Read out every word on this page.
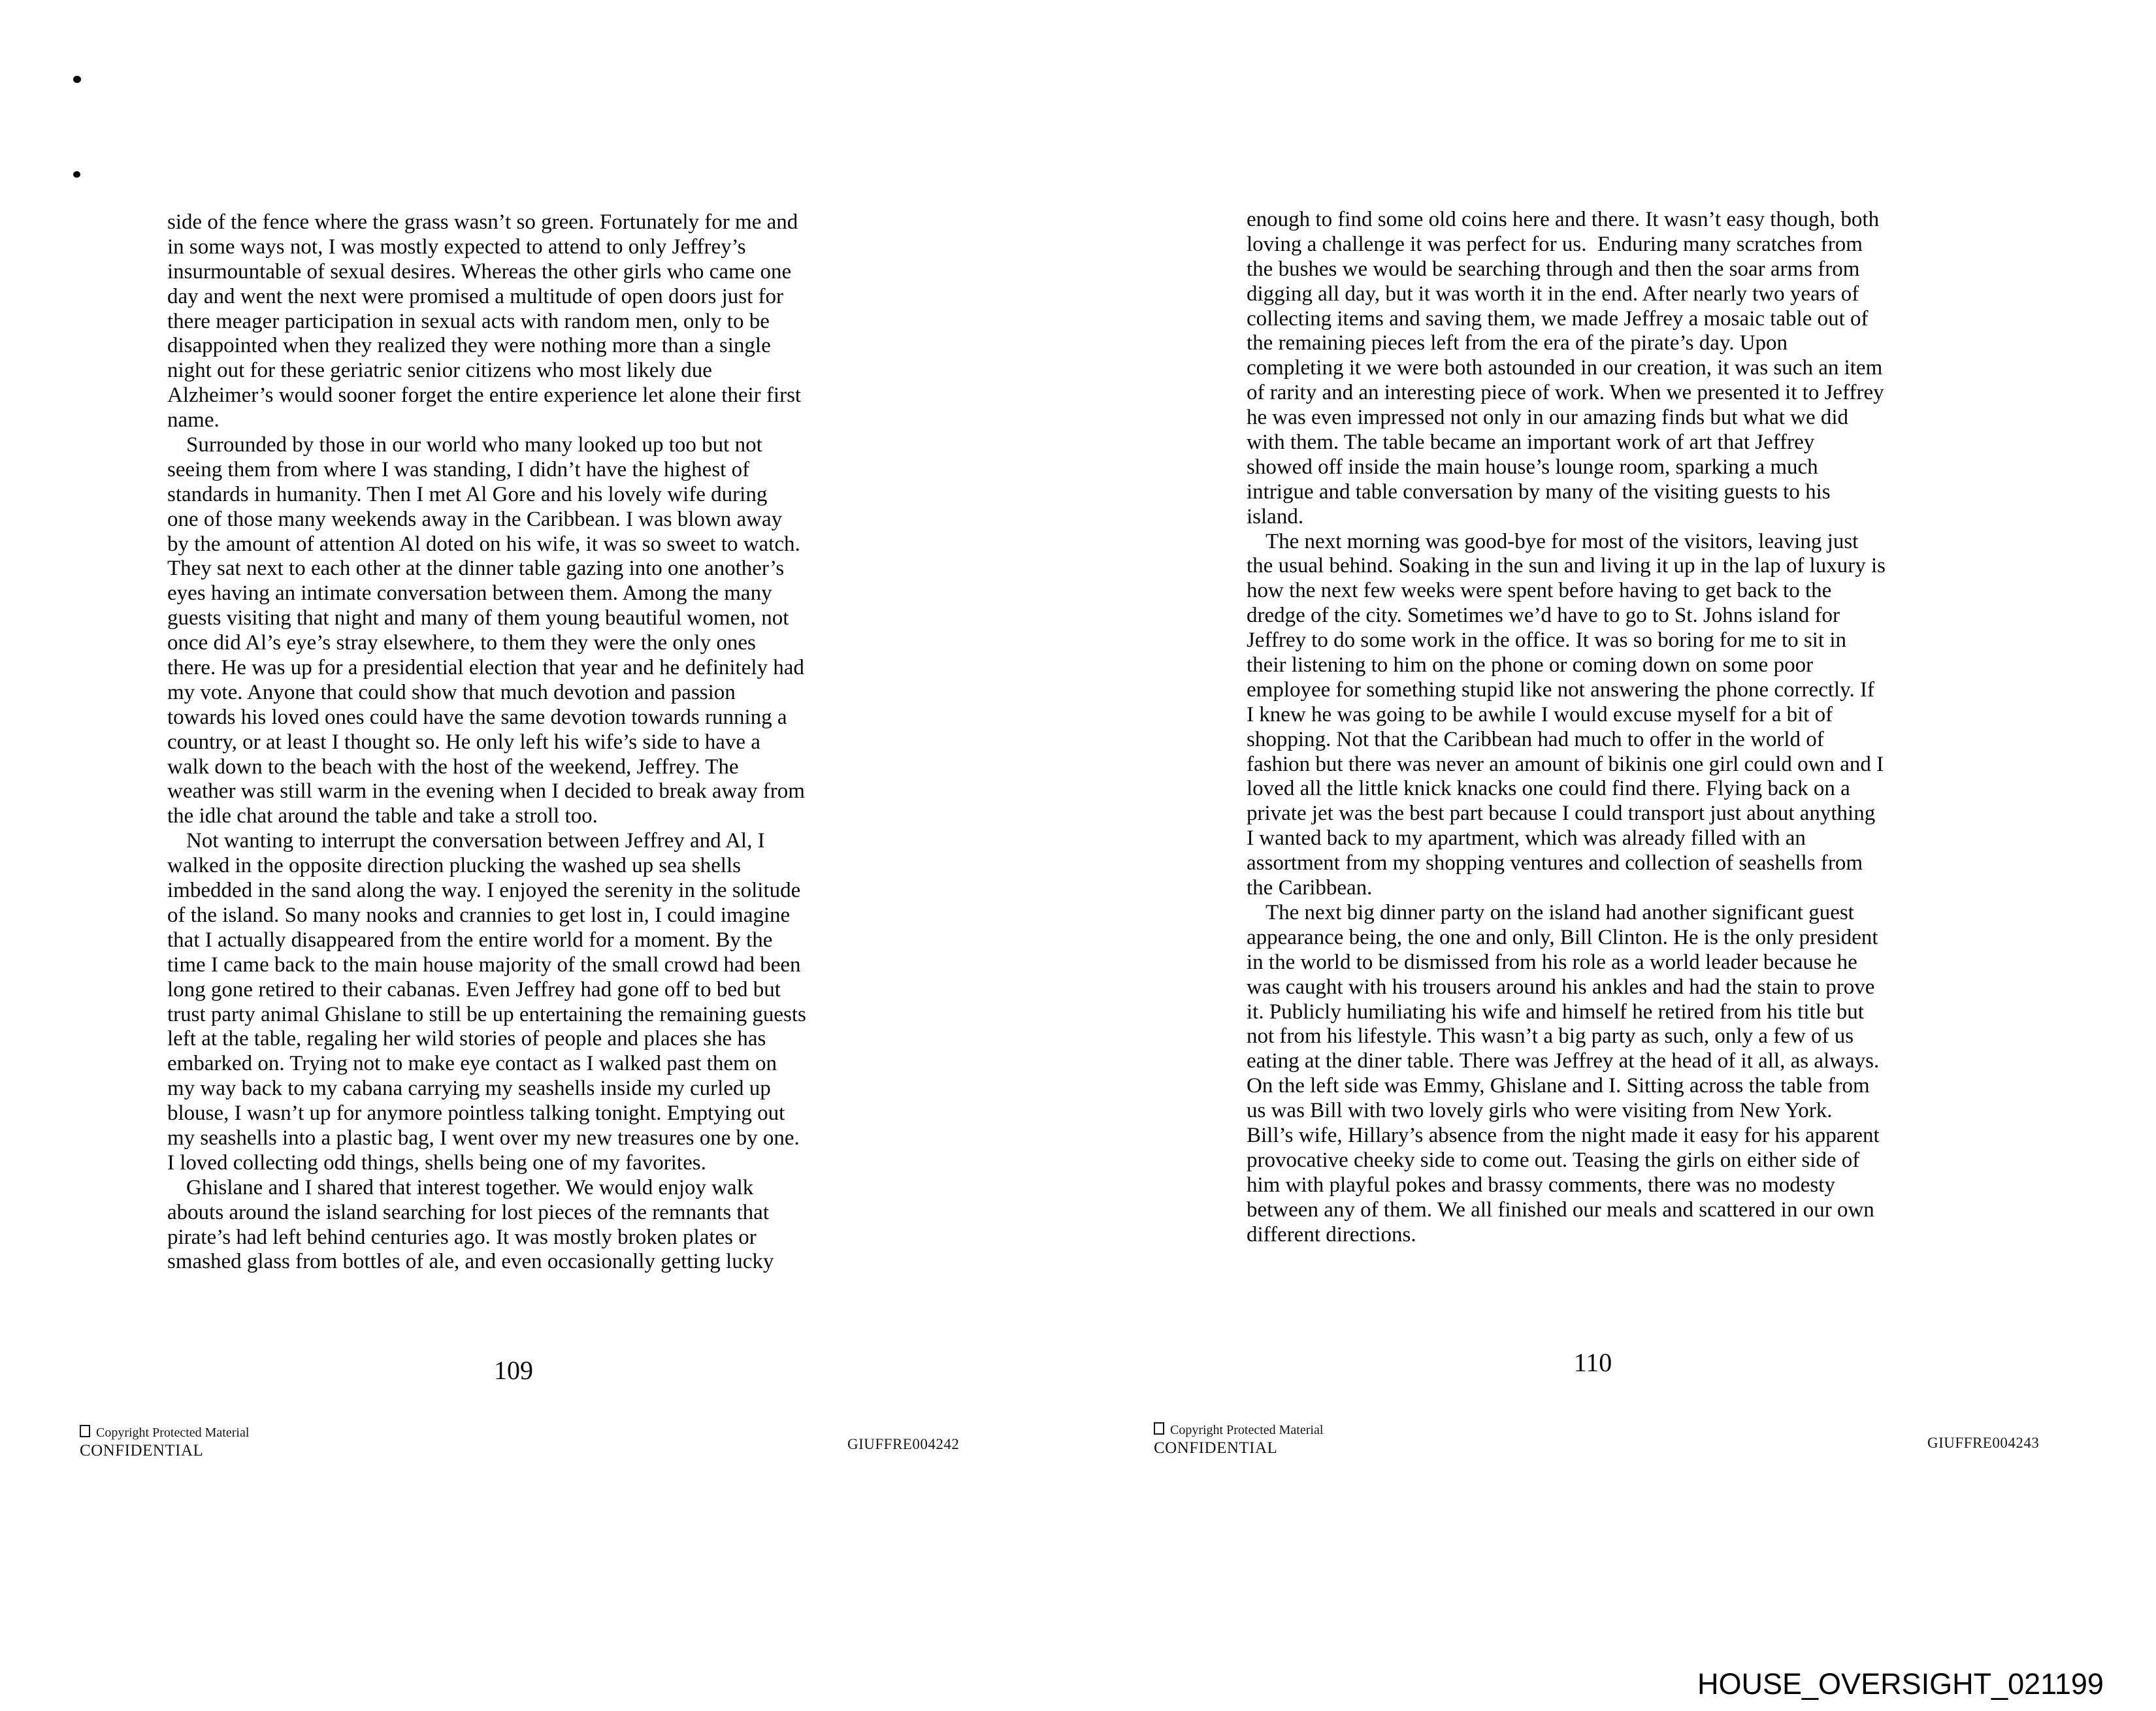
side of the fence where the grass wasn’t so green. Fortunately for me and
in some ways not, I was mostly expected to attend to only Jeffrey’s
insurmountable of sexual desires. Whereas the other girls who came one
day and went the next were promised a multitude of open doors just for
there meager participation in sexual acts with random men, only to be
disappointed when they realized they were nothing more than a single
night out for these geriatric senior citizens who most likely due
Alzheimer’s would sooner forget the entire experience let alone their first
name.

Surrounded by those in our world who many looked up too but not
seeing them from where I was standing, I didn’t have the highest of
standards in humanity. Then I met Al Gore and his lovely wife during
one of those many weekends away in the Caribbean. I was blown away
by the amount of attention Al doted on his wife, it was so sweet to watch.
They sat next to each other at the dinner table gazing into one another’s
eyes having an intimate conversation between them. Among the many
guests visiting that night and many of them young beautiful women, not
once did Al’s eye’s stray elsewhere, to them they were the only ones
there. He was up for a presidential election that year and he definitely had
my vote. Anyone that could show that much devotion and passion
towards his loved ones could have the same devotion towards running a
country, or at least I thought so. He only left his wife’s side to have a
walk down to the beach with the host of the weekend, Jeffrey. The
weather was still warm in the evening when I decided to break away from
the idle chat around the table and take a stroll too.

Not wanting to interrupt the conversation between Jeffrey and Al, I
walked in the opposite direction plucking the washed up sea shells
imbedded in the sand along the way. I enjoyed the serenity in the solitude
of the island. So many nooks and crannies to get lost in, I could imagine
that I actually disappeared from the entire world for a moment. By the
time I came back to the main house majority of the small crowd had been
long gone retired to their cabanas. Even Jeffrey had gone off to bed but
trust party animal Ghislane to still be up entertaining the remaining guests
left at the table, regaling her wild stories of people and places she has
embarked on. Trying not to make eye contact as I walked past them on
my way back to my cabana carrying my seashells inside my curled up
blouse, I wasn’t up for anymore pointless talking tonight. Emptying out
my seashells into a plastic bag, I went over my new treasures one by one.
I loved collecting odd things, shells being one of my favorites.

Ghislane and I shared that interest together. We would enjoy walk
abouts around the island searching for lost pieces of the remnants that
pirate’s had left behind centuries ago. It was mostly broken plates or
smashed glass from bottles of ale, and even occasionally getting lucky

enough to find some old coins here and there. It wasn’t easy though, both
loving a challenge it was perfect for us.  Enduring many scratches from
the bushes we would be searching through and then the soar arms from
digging all day, but it was worth it in the end. After nearly two years of
collecting items and saving them, we made Jeffrey a mosaic table out of
the remaining pieces left from the era of the pirate’s day. Upon
completing it we were both astounded in our creation, it was such an item
of rarity and an interesting piece of work. When we presented it to Jeffrey
he was even impressed not only in our amazing finds but what we did
with them. The table became an important work of art that Jeffrey
showed off inside the main house’s lounge room, sparking a much
intrigue and table conversation by many of the visiting guests to his
island.

The next morning was good-bye for most of the visitors, leaving just
the usual behind. Soaking in the sun and living it up in the lap of luxury is
how the next few weeks were spent before having to get back to the
dredge of the city. Sometimes we’d have to go to St. Johns island for
Jeffrey to do some work in the office. It was so boring for me to sit in
their listening to him on the phone or coming down on some poor
employee for something stupid like not answering the phone correctly. If
I knew he was going to be awhile I would excuse myself for a bit of
shopping. Not that the Caribbean had much to offer in the world of
fashion but there was never an amount of bikinis one girl could own and I
loved all the little knick knacks one could find there. Flying back on a
private jet was the best part because I could transport just about anything
I wanted back to my apartment, which was already filled with an
assortment from my shopping ventures and collection of seashells from
the Caribbean.

The next big dinner party on the island had another significant guest
appearance being, the one and only, Bill Clinton. He is the only president
in the world to be dismissed from his role as a world leader because he
was caught with his trousers around his ankles and had the stain to prove
it. Publicly humiliating his wife and himself he retired from his title but
not from his lifestyle. This wasn’t a big party as such, only a few of us
eating at the diner table. There was Jeffrey at the head of it all, as always.
On the left side was Emmy, Ghislane and I. Sitting across the table from
us was Bill with two lovely girls who were visiting from New York.
Bill’s wife, Hillary’s absence from the night made it easy for his apparent
provocative cheeky side to come out. Teasing the girls on either side of
him with playful pokes and brassy comments, there was no modesty
between any of them. We all finished our meals and scattered in our own
different directions.

109	110
Copyright Protected Material
CONFIDENTIAL
Copyright Protected Material
CONFIDENTIAL
GIUFFRE004242	GIUFFRE004243
HOUSE_OVERSIGHT_021199
